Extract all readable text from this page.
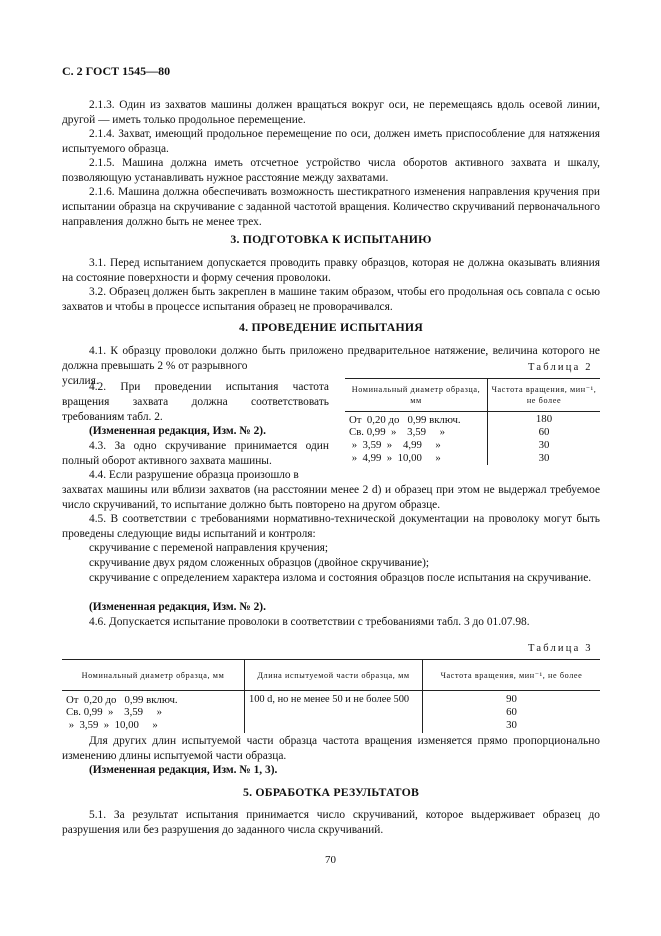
С. 2 ГОСТ 1545—80

2.1.3. Один из захватов машины должен вращаться вокруг оси, не перемещаясь вдоль осевой линии, другой — иметь только продольное перемещение.

2.1.4. Захват, имеющий продольное перемещение по оси, должен иметь приспособление для натяжения испытуемого образца.

2.1.5. Машина должна иметь отсчетное устройство числа оборотов активного захвата и шкалу, позволяющую устанавливать нужное расстояние между захватами.

2.1.6. Машина должна обеспечивать возможность шестикратного изменения направления кручения при испытании образца на скручивание с заданной частотой вращения. Количество скручиваний первоначального направления должно быть не менее трех.

3. ПОДГОТОВКА К ИСПЫТАНИЮ

3.1. Перед испытанием допускается проводить правку образцов, которая не должна оказывать влияния на состояние поверхности и форму сечения проволоки.

3.2. Образец должен быть закреплен в машине таким образом, чтобы его продольная ось совпала с осью захватов и чтобы в процессе испытания образец не проворачивался.

4. ПРОВЕДЕНИЕ ИСПЫТАНИЯ

4.1. К образцу проволоки должно быть приложено предварительное натяжение, величина которого не должна превышать 2 % от разрывного

усилия.

Таблица 2
Номинальный диаметр образца, мм	Частота вращения, мин⁻¹, не более
От  0,20 до   0,99 включ.	180
Св. 0,99  »    3,59     »	60
»  3,59  »    4,99     »	30
»  4,99  »  10,00     »	30

4.2. При проведении испытания частота вращения захвата должна соответствовать требованиям табл. 2.

(Измененная редакция, Изм. № 2).

4.3. За одно скручивание принимается один полный оборот активного захвата машины.

4.4. Если разрушение образца произошло в

захватах машины или вблизи захватов (на расстоянии менее 2 d) и образец при этом не выдержал требуемое число скручиваний, то испытание должно быть повторено на другом образце.

4.5. В соответствии с требованиями нормативно-технической документации на проволоку могут быть проведены следующие виды испытаний и контроля:

скручивание с переменой направления кручения;

скручивание двух рядом сложенных образцов (двойное скручивание);

скручивание с определением характера излома и состояния образцов после испытания на скручивание.

(Измененная редакция, Изм. № 2).

4.6. Допускается испытание проволоки в соответствии с требованиями табл. 3 до 01.07.98.

Таблица 3
Номинальный диаметр образца, мм	Длина испытуемой части образца, мм	Частота вращения, мин⁻¹, не более
От  0,20 до   0,99 включ.	100 d, но не менее 50 и не более 500	90
Св. 0,99  »    3,59     »		60
»  3,59  »  10,00     »		30

Для других длин испытуемой части образца частота вращения изменяется прямо пропорционально изменению длины испытуемой части образца.

(Измененная редакция, Изм. № 1, 3).

5. ОБРАБОТКА РЕЗУЛЬТАТОВ

5.1. За результат испытания принимается число скручиваний, которое выдерживает образец до разрушения или без разрушения до заданного числа скручиваний.

70
